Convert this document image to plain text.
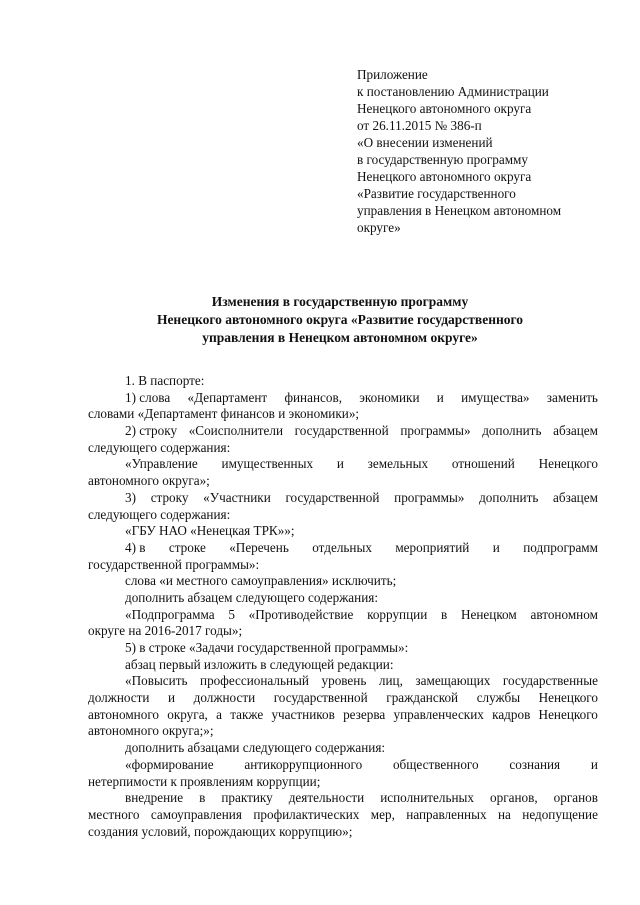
Приложение
к постановлению Администрации
Ненецкого автономного округа
от 26.11.2015 № 386-п
«О внесении изменений
в государственную программу
Ненецкого автономного округа
«Развитие государственного
управления в Ненецком автономном
округе»
Изменения в государственную программу
Ненецкого автономного округа «Развитие государственного
управления в Ненецком автономном округе»
1. В паспорте:
1) слова «Департамент финансов, экономики и имущества» заменить
словами «Департамент финансов и экономики»;
2) строку «Соисполнители государственной программы» дополнить абзацем
следующего содержания:
«Управление имущественных и земельных отношений Ненецкого
автономного округа»;
3) строку «Участники государственной программы» дополнить абзацем
следующего содержания:
«ГБУ НАО «Ненецкая ТРК»»;
4) в строке «Перечень отдельных мероприятий и подпрограмм
государственной программы»:
слова «и местного самоуправления» исключить;
дополнить абзацем следующего содержания:
«Подпрограмма 5 «Противодействие коррупции в Ненецком автономном
округе на 2016-2017 годы»;
5) в строке «Задачи государственной программы»:
абзац первый изложить в следующей редакции:
«Повысить профессиональный уровень лиц, замещающих государственные
должности и должности государственной гражданской службы Ненецкого
автономного округа, а также участников резерва управленческих кадров Ненецкого
автономного округа;»;
дополнить абзацами следующего содержания:
«формирование антикоррупционного общественного сознания и
нетерпимости к проявлениям коррупции;
внедрение в практику деятельности исполнительных органов, органов
местного самоуправления профилактических мер, направленных на недопущение
создания условий, порождающих коррупцию»;
